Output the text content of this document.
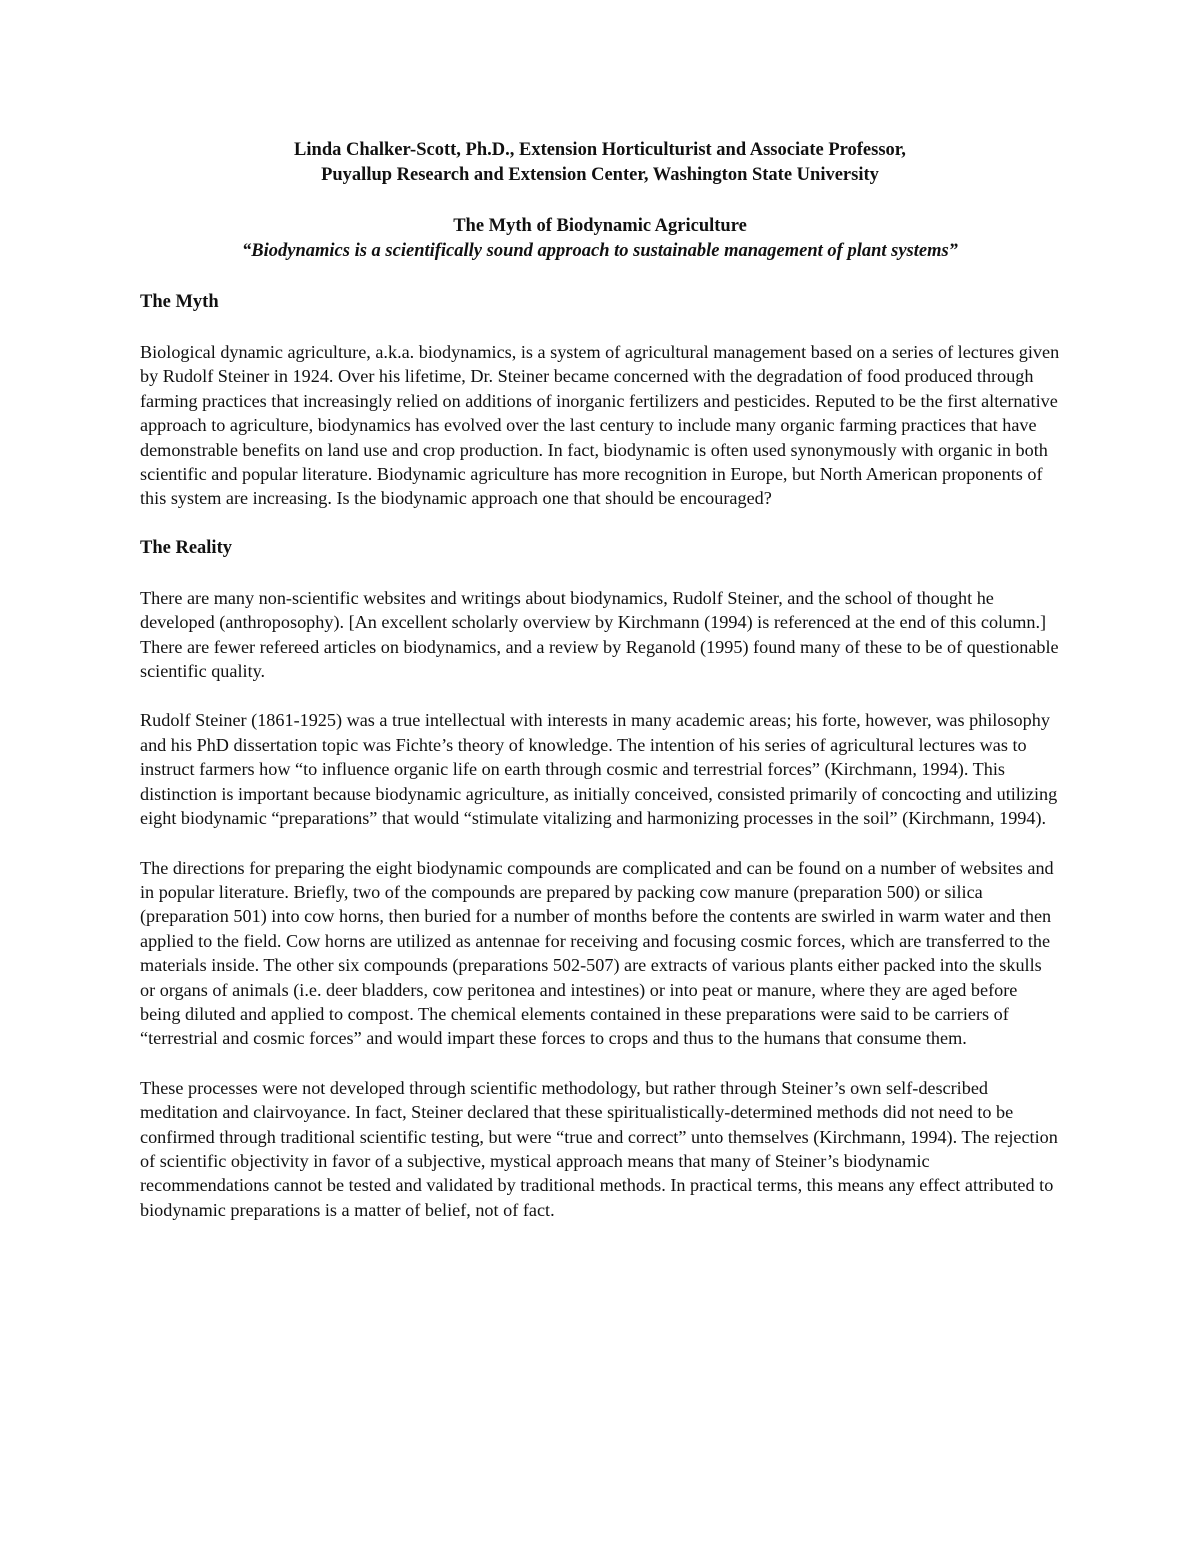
Linda Chalker-Scott, Ph.D., Extension Horticulturist and Associate Professor,
Puyallup Research and Extension Center, Washington State University
The Myth of Biodynamic Agriculture
“Biodynamics is a scientifically sound approach to sustainable management of plant systems”
The Myth

Biological dynamic agriculture, a.k.a. biodynamics, is a system of agricultural management based on a series of lectures given by Rudolf Steiner in 1924. Over his lifetime, Dr. Steiner became concerned with the degradation of food produced through farming practices that increasingly relied on additions of inorganic fertilizers and pesticides. Reputed to be the first alternative approach to agriculture, biodynamics has evolved over the last century to include many organic farming practices that have demonstrable benefits on land use and crop production. In fact, biodynamic is often used synonymously with organic in both scientific and popular literature. Biodynamic agriculture has more recognition in Europe, but North American proponents of this system are increasing. Is the biodynamic approach one that should be encouraged?

The Reality

There are many non-scientific websites and writings about biodynamics, Rudolf Steiner, and the school of thought he developed (anthroposophy). [An excellent scholarly overview by Kirchmann (1994) is referenced at the end of this column.] There are fewer refereed articles on biodynamics, and a review by Reganold (1995) found many of these to be of questionable scientific quality.

Rudolf Steiner (1861-1925) was a true intellectual with interests in many academic areas; his forte, however, was philosophy and his PhD dissertation topic was Fichte’s theory of knowledge. The intention of his series of agricultural lectures was to instruct farmers how “to influence organic life on earth through cosmic and terrestrial forces” (Kirchmann, 1994). This distinction is important because biodynamic agriculture, as initially conceived, consisted primarily of concocting and utilizing eight biodynamic “preparations” that would “stimulate vitalizing and harmonizing processes in the soil” (Kirchmann, 1994).

The directions for preparing the eight biodynamic compounds are complicated and can be found on a number of websites and in popular literature. Briefly, two of the compounds are prepared by packing cow manure (preparation 500) or silica (preparation 501) into cow horns, then buried for a number of months before the contents are swirled in warm water and then applied to the field. Cow horns are utilized as antennae for receiving and focusing cosmic forces, which are transferred to the materials inside. The other six compounds (preparations 502-507) are extracts of various plants either packed into the skulls or organs of animals (i.e. deer bladders, cow peritonea and intestines) or into peat or manure, where they are aged before being diluted and applied to compost. The chemical elements contained in these preparations were said to be carriers of “terrestrial and cosmic forces” and would impart these forces to crops and thus to the humans that consume them.

These processes were not developed through scientific methodology, but rather through Steiner’s own self-described meditation and clairvoyance. In fact, Steiner declared that these spiritualistically-determined methods did not need to be confirmed through traditional scientific testing, but were “true and correct” unto themselves (Kirchmann, 1994). The rejection of scientific objectivity in favor of a subjective, mystical approach means that many of Steiner’s biodynamic recommendations cannot be tested and validated by traditional methods. In practical terms, this means any effect attributed to biodynamic preparations is a matter of belief, not of fact.
